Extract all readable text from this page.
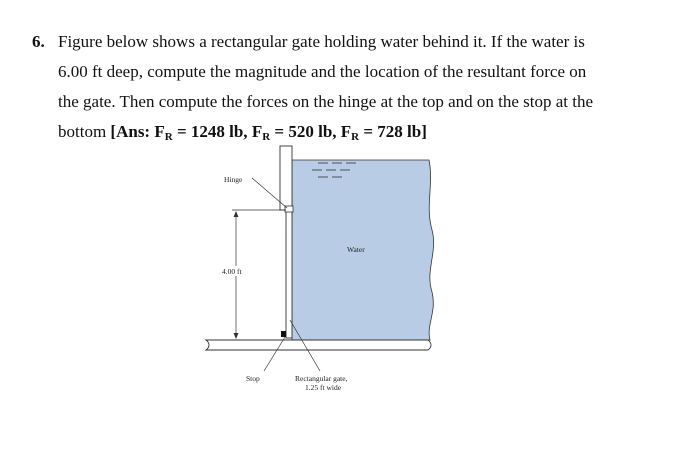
6. Figure below shows a rectangular gate holding water behind it. If the water is
6.00 ft deep, compute the magnitude and the location of the resultant force on
the gate. Then compute the forces on the hinge at the top and on the stop at the
bottom [Ans: $F_R = 1248$ lb, $F_R = 520$ lb, $F_R = 728$ lb]
Hinge
4.00 ft
Water
Stop	Rectangular gate,
1.25 ft wide
